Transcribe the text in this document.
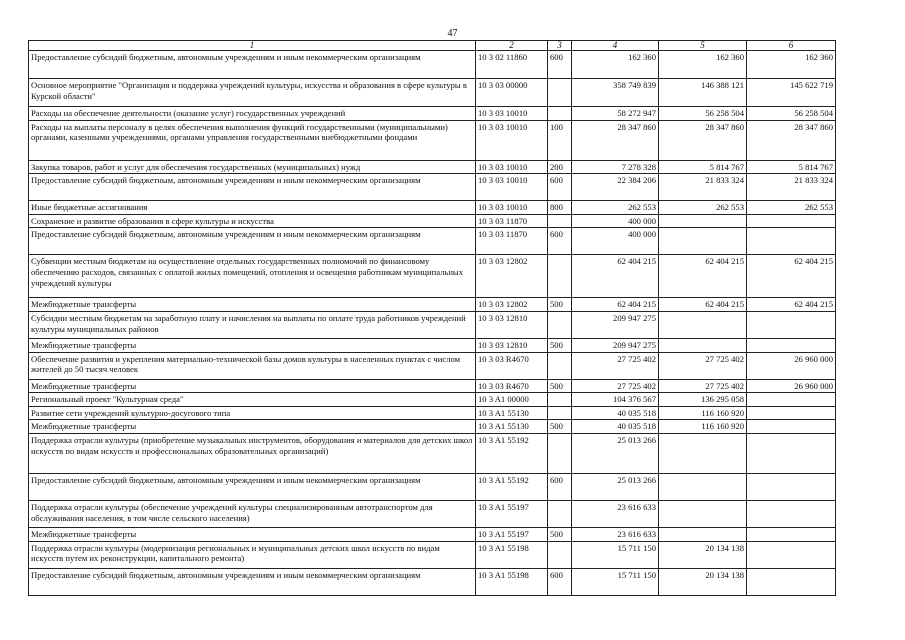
47
1	2	3	4	5	6
Предоставление субсидий бюджетным, автономным учреждениям и иным некоммерческим организациям	10 3 02 11860	600	162 360	162 360	162 360
Основное мероприятие "Организация и поддержка учреждений культуры, искусства и образования в сфере культуры в Курской области"	10 3 03 00000		358 749 839	146 388 121	145 622 719
Расходы на обеспечение деятельности (оказание услуг) государственных учреждений	10 3 03 10010		58 272 947	56 258 504	56 258 504
Расходы на выплаты персоналу в целях обеспечения выполнения функций государственными (муниципальными) органами, казенными учреждениями, органами управления государственными внебюджетными фондами	10 3 03 10010	100	28 347 860	28 347 860	28 347 860
Закупка товаров, работ и услуг для обеспечения государственных (муниципальных) нужд	10 3 03 10010	200	7 278 328	5 814 767	5 814 767
Предоставление субсидий бюджетным, автономным учреждениям и иным некоммерческим организациям	10 3 03 10010	600	22 384 206	21 833 324	21 833 324
Иные бюджетные ассигнования	10 3 03 10010	800	262 553	262 553	262 553
Сохранение и развитие образования в сфере культуры и искусства	10 3 03 11870		400 000		
Предоставление субсидий бюджетным, автономным учреждениям и иным некоммерческим организациям	10 3 03 11870	600	400 000		
Субвенции местным бюджетам на осуществление отдельных государственных полномочий по финансовому обеспечению расходов, связанных с оплатой жилых помещений, отопления и освещения работникам муниципальных учреждений культуры	10 3 03 12802		62 404 215	62 404 215	62 404 215
Межбюджетные трансферты	10 3 03 12802	500	62 404 215	62 404 215	62 404 215
Субсидии местным бюджетам на заработную плату и начисления на выплаты по оплате труда работников учреждений культуры муниципальных районов	10 3 03 12810		209 947 275		
Межбюджетные трансферты	10 3 03 12810	500	209 947 275		
Обеспечение развития и укрепления материально-технической базы домов культуры в населенных пунктах с числом жителей до 50 тысяч человек	10 3 03 R4670		27 725 402	27 725 402	26 960 000
Межбюджетные трансферты	10 3 03 R4670	500	27 725 402	27 725 402	26 960 000
Региональный проект "Культурная среда"	10 3 A1 00000		104 376 567	136 295 058	
Развитие сети учреждений культурно-досугового типа	10 3 A1 55130		40 035 518	116 160 920	
Межбюджетные трансферты	10 3 A1 55130	500	40 035 518	116 160 920	
Поддержка отрасли культуры (приобретение музыкальных инструментов, оборудования и материалов для детских школ искусств по видам искусств и профессиональных образовательных организаций)	10 3 A1 55192		25 013 266		
Предоставление субсидий бюджетным, автономным учреждениям и иным некоммерческим организациям	10 3 A1 55192	600	25 013 266		
Поддержка отрасли культуры (обеспечение учреждений культуры специализированным автотранспортом для обслуживания населения, в том числе сельского населения)	10 3 A1 55197		23 616 633		
Межбюджетные трансферты	10 3 A1 55197	500	23 616 633		
Поддержка отрасли культуры (модернизация региональных и муниципальных детских школ искусств по видам искусств путем их реконструкции, капитального ремонта)	10 3 A1 55198		15 711 150	20 134 138	
Предоставление субсидий бюджетным, автономным учреждениям и иным некоммерческим организациям	10 3 A1 55198	600	15 711 150	20 134 138	
